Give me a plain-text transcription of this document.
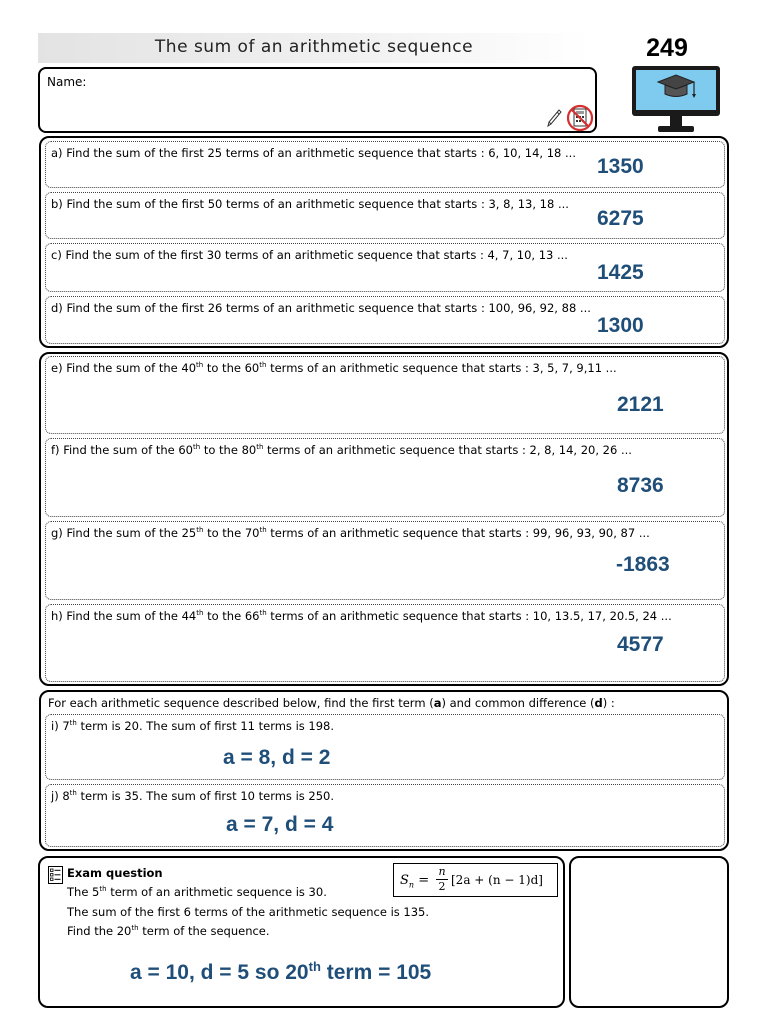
The sum of an arithmetic sequence	249
Name:
a) Find the sum of the first 25 terms of an arithmetic sequence that starts : 6, 10, 14, 18 ...
1350
b) Find the sum of the first 50 terms of an arithmetic sequence that starts : 3, 8, 13, 18 ...
6275
c) Find the sum of the first 30 terms of an arithmetic sequence that starts : 4, 7, 10, 13 ...
1425
d) Find the sum of the first 26 terms of an arithmetic sequence that starts : 100, 96, 92, 88 ...
1300
e) Find the sum of the 40th to the 60th terms of an arithmetic sequence that starts : 3, 5, 7, 9,11 ...
2121
f) Find the sum of the 60th to the 80th terms of an arithmetic sequence that starts : 2, 8, 14, 20, 26 ...
8736
g) Find the sum of the 25th to the 70th terms of an arithmetic sequence that starts : 99, 96, 93, 90, 87 ...
-1863
h) Find the sum of the 44th to the 66th terms of an arithmetic sequence that starts : 10, 13.5, 17, 20.5, 24 ...
4577
For each arithmetic sequence described below, find the first term (a) and common difference (d) :
i) 7th term is 20. The sum of first 11 terms is 198.
a = 8, d = 2
j) 8th term is 35. The sum of first 10 terms is 250.
a = 7, d = 4
Exam question	$S_n = \frac{n}{2} [2a + (n - 1)d]$
The 5th term of an arithmetic sequence is 30.
The sum of the first 6 terms of the arithmetic sequence is 135.
Find the 20th term of the sequence.
a = 10, d = 5 so 20th term = 105
